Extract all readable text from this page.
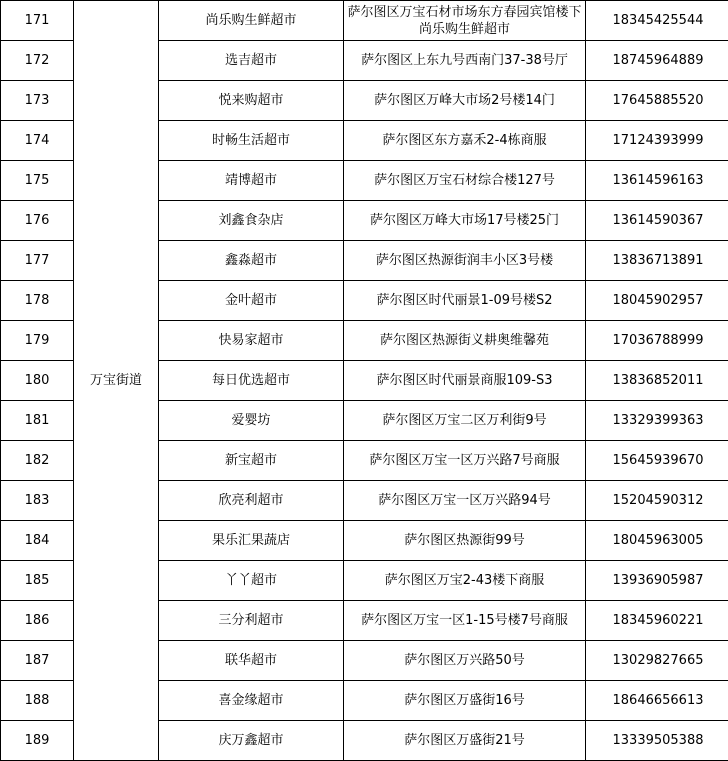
171	万宝街道	尚乐购生鲜超市	萨尔图区万宝石材市场东方春园宾馆楼下尚乐购生鲜超市	18345425544
172		选吉超市	萨尔图区上东九号西南门37-38号厅	18745964889
173		悦来购超市	萨尔图区万峰大市场2号楼14门	17645885520
174		时畅生活超市	萨尔图区东方嘉禾2-4栋商服	17124393999
175		靖博超市	萨尔图区万宝石材综合楼127号	13614596163
176		刘鑫食杂店	萨尔图区万峰大市场17号楼25门	13614590367
177		鑫淼超市	萨尔图区热源街润丰小区3号楼	13836713891
178		金叶超市	萨尔图区时代丽景1-09号楼S2	18045902957
179		快易家超市	萨尔图区热源街义耕奥维馨苑	17036788999
180		每日优选超市	萨尔图区时代丽景商服109-S3	13836852011
181		爱婴坊	萨尔图区万宝二区万利街9号	13329399363
182		新宝超市	萨尔图区万宝一区万兴路7号商服	15645939670
183		欣亮利超市	萨尔图区万宝一区万兴路94号	15204590312
184		果乐汇果蔬店	萨尔图区热源街99号	18045963005
185		丫丫超市	萨尔图区万宝2-43楼下商服	13936905987
186		三分利超市	萨尔图区万宝一区1-15号楼7号商服	18345960221
187		联华超市	萨尔图区万兴路50号	13029827665
188		喜金缘超市	萨尔图区万盛街16号	18646656613
189		庆万鑫超市	萨尔图区万盛街21号	13339505388
